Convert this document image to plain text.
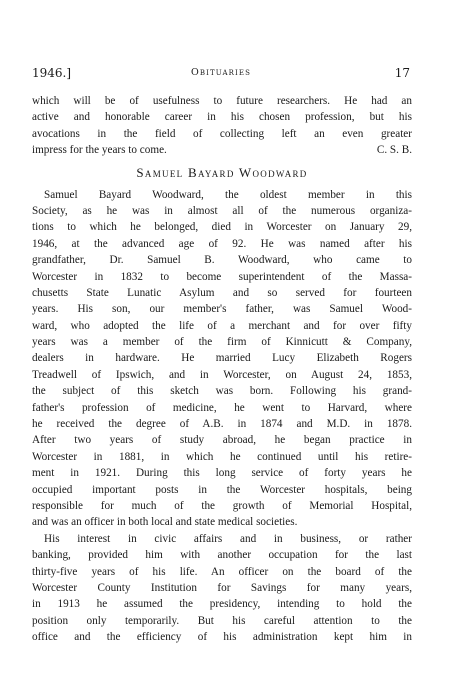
1946.]	Obituaries	17
which will be of usefulness to future researchers. He had an
active and honorable career in his chosen profession, but his
avocations in the field of collecting left an even greater
impress for the years to come.	C. S. B.
Samuel Bayard Woodward
Samuel Bayard Woodward, the oldest member in this
Society, as he was in almost all of the numerous organiza-
tions to which he belonged, died in Worcester on January 29,
1946, at the advanced age of 92. He was named after his
grandfather, Dr. Samuel B. Woodward, who came to
Worcester in 1832 to become superintendent of the Massa-
chusetts State Lunatic Asylum and so served for fourteen
years. His son, our member's father, was Samuel Wood-
ward, who adopted the life of a merchant and for over fifty
years was a member of the firm of Kinnicutt & Company,
dealers in hardware. He married Lucy Elizabeth Rogers
Treadwell of Ipswich, and in Worcester, on August 24, 1853,
the subject of this sketch was born. Following his grand-
father's profession of medicine, he went to Harvard, where
he received the degree of A.B. in 1874 and M.D. in 1878.
After two years of study abroad, he began practice in
Worcester in 1881, in which he continued until his retire-
ment in 1921. During this long service of forty years he
occupied important posts in the Worcester hospitals, being
responsible for much of the growth of Memorial Hospital,
and was an officer in both local and state medical societies.
His interest in civic affairs and in business, or rather
banking, provided him with another occupation for the last
thirty-five years of his life. An officer on the board of the
Worcester County Institution for Savings for many years,
in 1913 he assumed the presidency, intending to hold the
position only temporarily. But his careful attention to the
office and the efficiency of his administration kept him in
